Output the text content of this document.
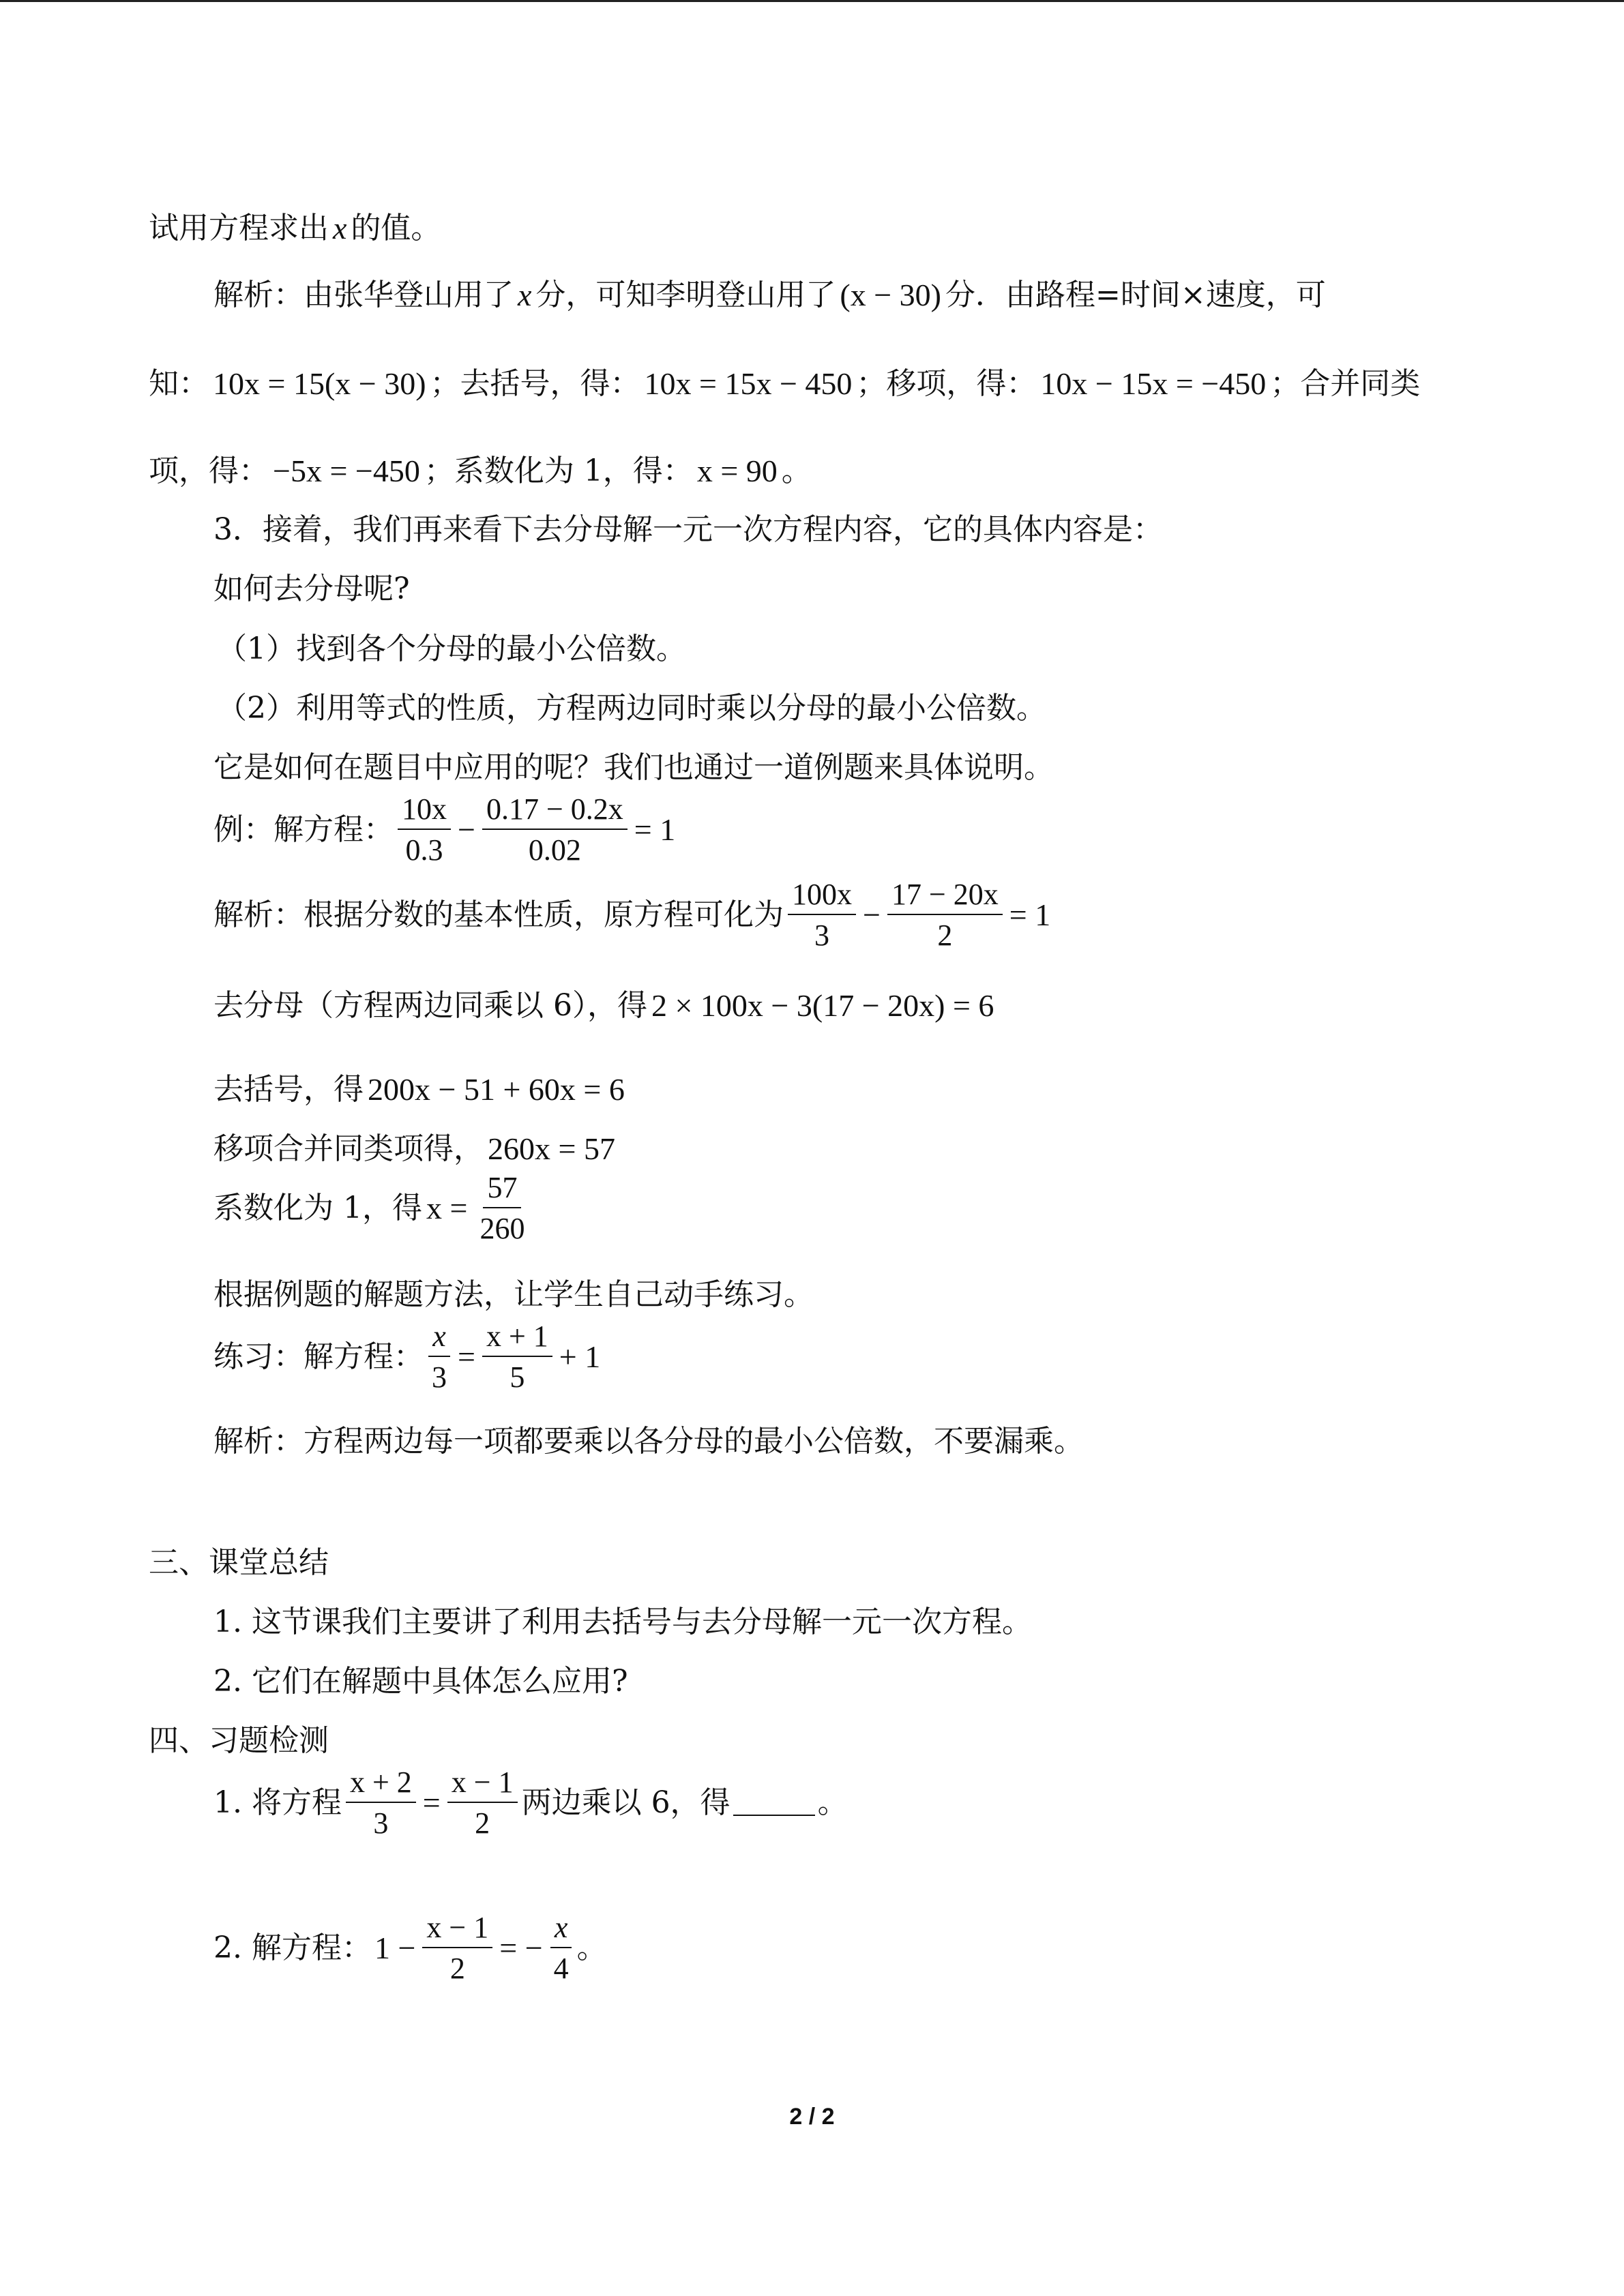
试用方程求出 x 的值。
解析：由张华登山用了 x 分，可知李明登山用了 (x − 30) 分．由路程=时间×速度，可
知： 10x = 15(x − 30) ；去括号，得： 10x = 15x − 450 ；移项，得： 10x − 15x = −450 ；合并同类
项，得： −5x = −450 ；系数化为 1，得： x = 90 。
3．接着，我们再来看下去分母解一元一次方程内容，它的具体内容是：
如何去分母呢?
（1）找到各个分母的最小公倍数。
（2）利用等式的性质，方程两边同时乘以分母的最小公倍数。
它是如何在题目中应用的呢？我们也通过一道例题来具体说明。
例：解方程： $\frac{10x}{0.3} - \frac{0.17 - 0.2x}{0.02} = 1$
解析：根据分数的基本性质，原方程可化为 $\frac{100x}{3} - \frac{17 - 20x}{2} = 1$
去分母（方程两边同乘以 6），得 2 × 100x − 3(17 − 20x) = 6
去括号，得 200x − 51 + 60x = 6
移项合并同类项得， 260x = 57
系数化为 1，得 $x = \frac{57}{260}$
根据例题的解题方法，让学生自己动手练习。
练习：解方程： $\frac{x}{3} = \frac{x + 1}{5} + 1$
解析：方程两边每一项都要乘以各分母的最小公倍数，不要漏乘。
三、课堂总结
1. 这节课我们主要讲了利用去括号与去分母解一元一次方程。
2. 它们在解题中具体怎么应用?
四、习题检测
1. 将方程 $\frac{x + 2}{3} = \frac{x - 1}{2}$ 两边乘以 6，得	。
2. 解方程： $1 - \frac{x - 1}{2}$ = − $\frac{x}{4}$ 。
2 / 2
